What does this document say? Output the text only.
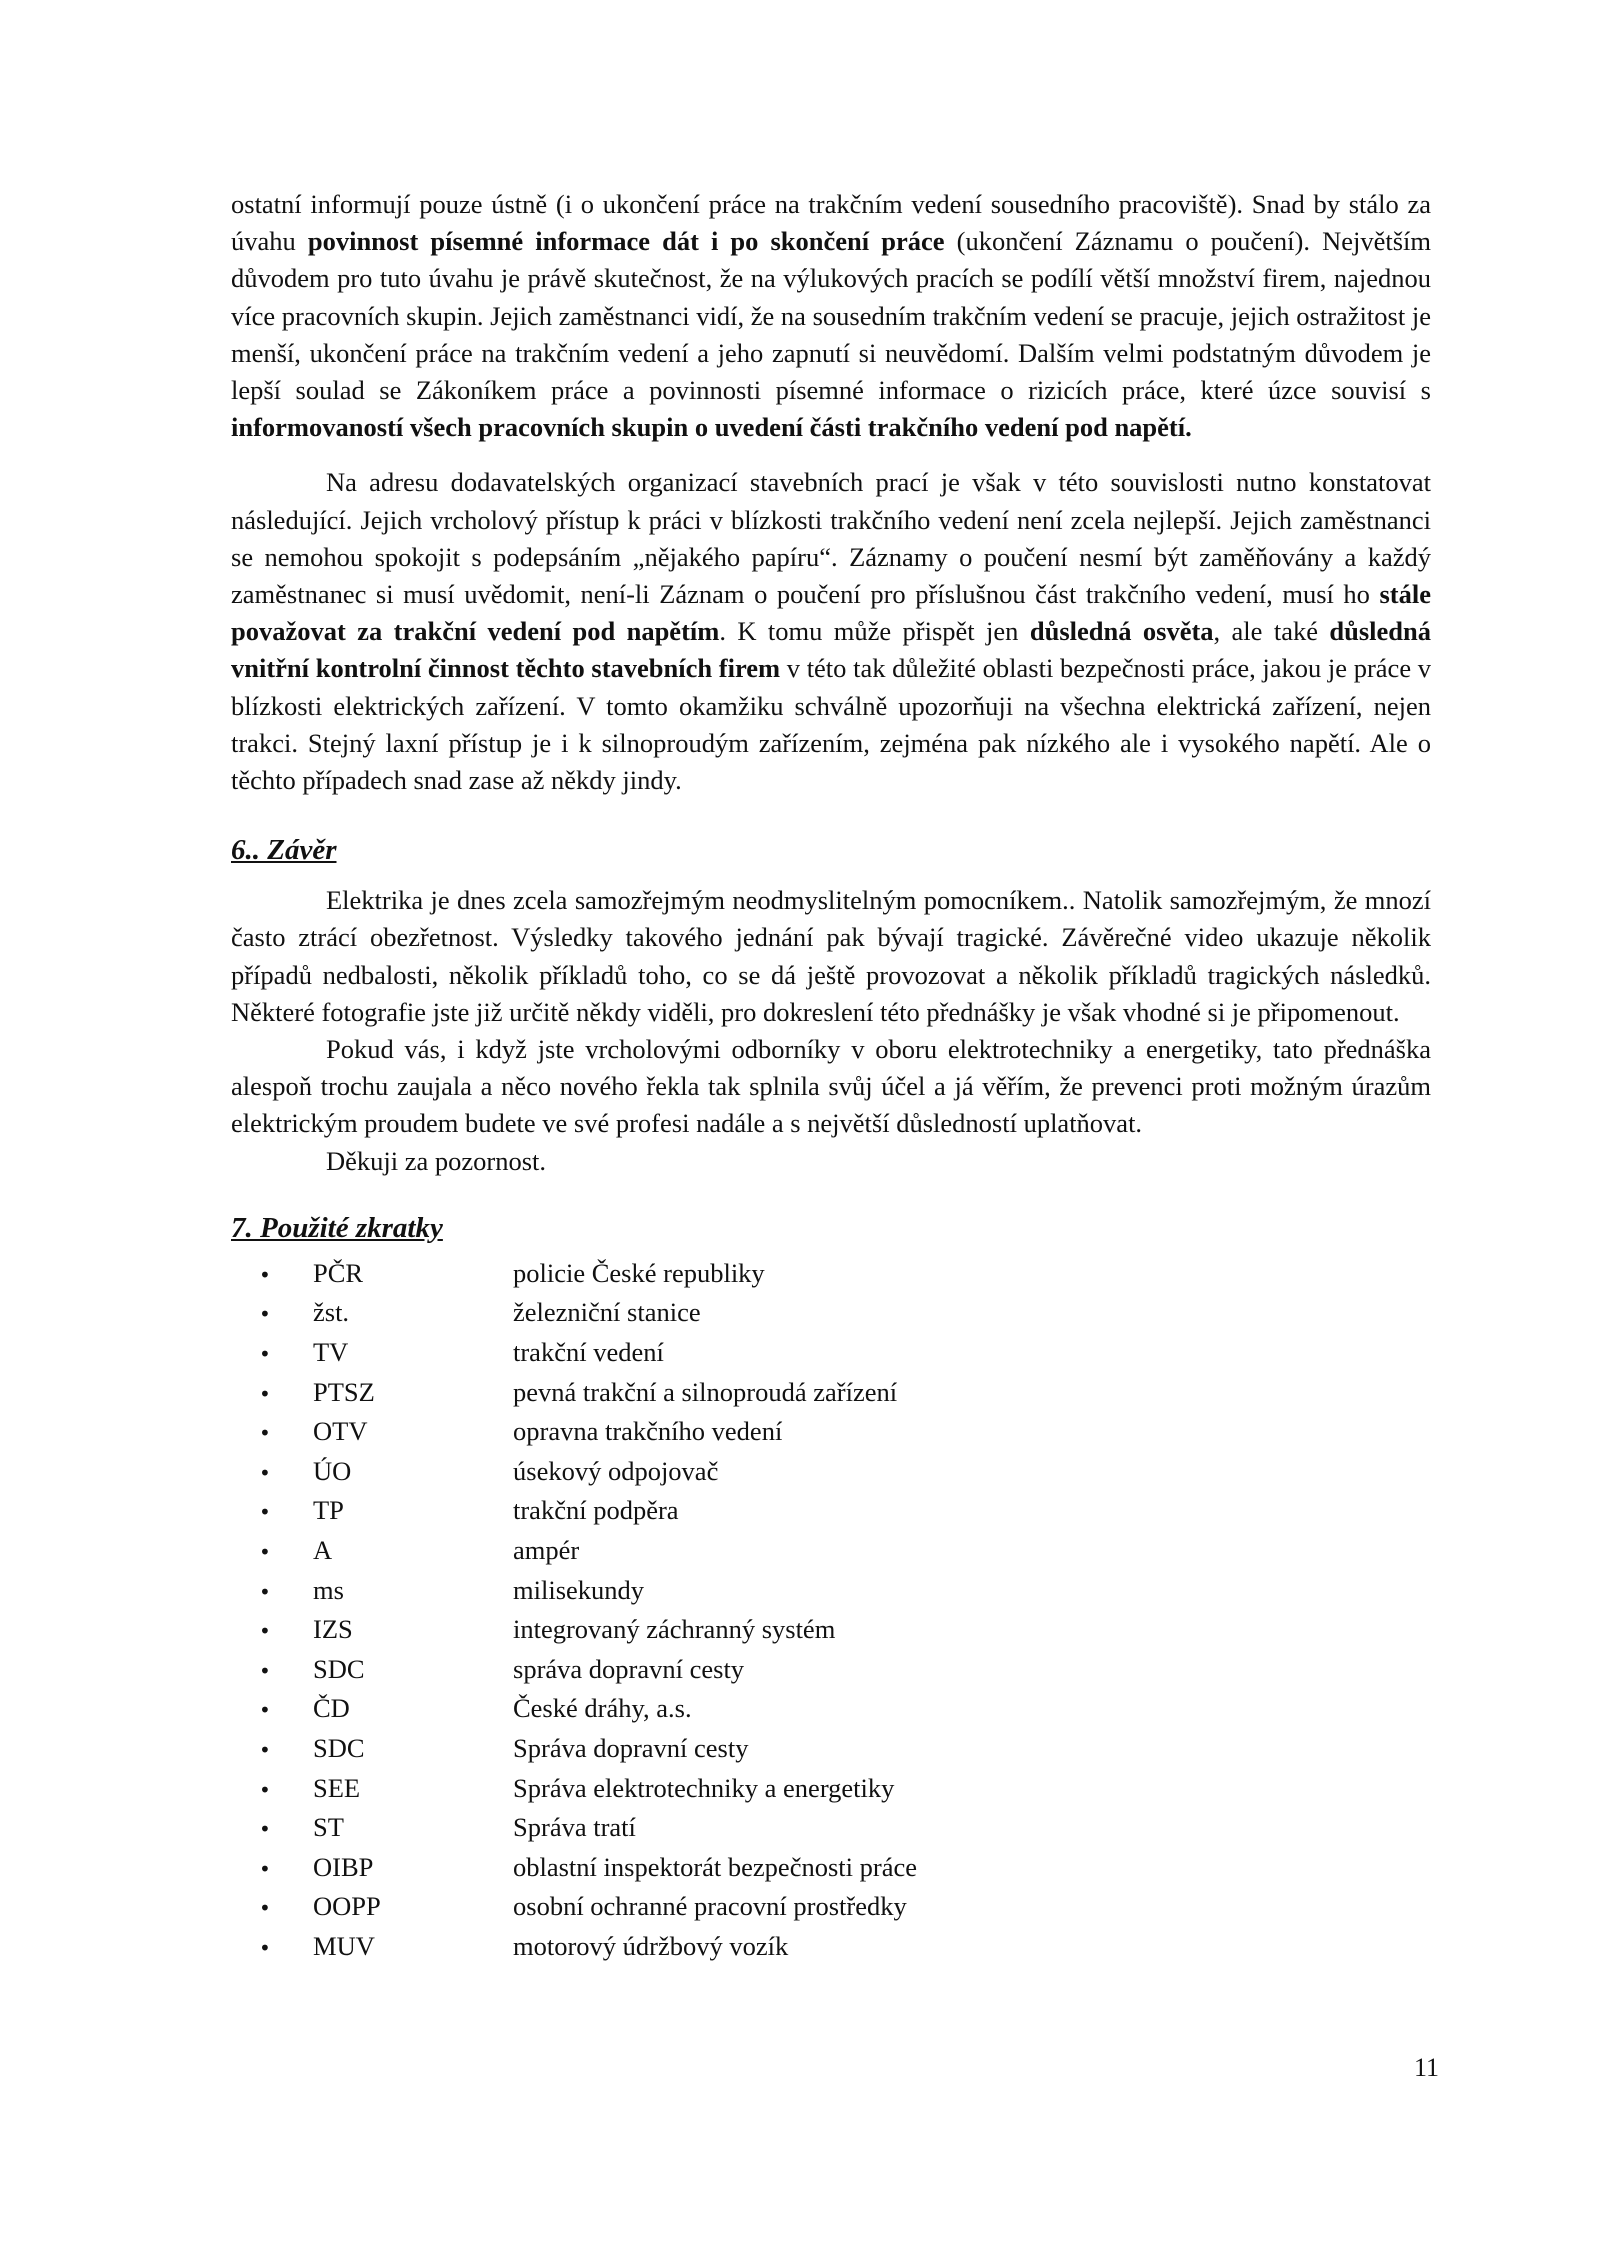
ostatní informují pouze ústně (i o ukončení práce na trakčním vedení sousedního pracoviště). Snad by stálo za úvahu povinnost písemné informace dát i po skončení práce (ukončení Záznamu o poučení). Největším důvodem pro tuto úvahu je právě skutečnost, že na výlukových pracích se podílí větší množství firem, najednou více pracovních skupin. Jejich zaměstnanci vidí, že na sousedním trakčním vedení se pracuje, jejich ostražitost je menší, ukončení práce na trakčním vedení a jeho zapnutí si neuvědomí. Dalším velmi podstatným důvodem je lepší soulad se Zákoníkem práce a povinnosti písemné informace o rizicích práce, které úzce souvisí s informovaností všech pracovních skupin o uvedení části trakčního vedení pod napětí.

Na adresu dodavatelských organizací stavebních prací je však v této souvislosti nutno konstatovat následující. Jejich vrcholový přístup k práci v blízkosti trakčního vedení není zcela nejlepší. Jejich zaměstnanci se nemohou spokojit s podepsáním „nějakého papíru“. Záznamy o poučení nesmí být zaměňovány a každý zaměstnanec si musí uvědomit, není-li Záznam o poučení pro příslušnou část trakčního vedení, musí ho stále považovat za trakční vedení pod napětím. K tomu může přispět jen důsledná osvěta, ale také důsledná vnitřní kontrolní činnost těchto stavebních firem v této tak důležité oblasti bezpečnosti práce, jakou je práce v blízkosti elektrických zařízení. V tomto okamžiku schválně upozorňuji na všechna elektrická zařízení, nejen trakci. Stejný laxní přístup je i k silnoproudým zařízením, zejména pak nízkého ale i vysokého napětí. Ale o těchto případech snad zase až někdy jindy.

6.. Závěr

Elektrika je dnes zcela samozřejmým neodmyslitelným pomocníkem.. Natolik samozřejmým, že mnozí často ztrácí obezřetnost. Výsledky takového jednání pak bývají tragické. Závěrečné video ukazuje několik případů nedbalosti, několik příkladů toho, co se dá ještě provozovat a několik příkladů tragických následků. Některé fotografie jste již určitě někdy viděli, pro dokreslení této přednášky je však vhodné si je připomenout.

Pokud vás, i když jste vrcholovými odborníky v oboru elektrotechniky a energetiky, tato přednáška alespoň trochu zaujala a něco nového řekla tak splnila svůj účel a já věřím, že prevenci proti možným úrazům elektrickým proudem budete ve své profesi nadále a s největší důsledností uplatňovat.

Děkuji za pozornost.

7. Použité zkratky
•	PČR	policie České republiky
•	žst.	železniční stanice
•	TV	trakční vedení
•	PTSZ	pevná trakční a silnoproudá zařízení
•	OTV	opravna trakčního vedení
•	ÚO	úsekový odpojovač
•	TP	trakční podpěra
•	A	ampér
•	ms	milisekundy
•	IZS	integrovaný záchranný systém
•	SDC	správa dopravní cesty
•	ČD	České dráhy, a.s.
•	SDC	Správa dopravní cesty
•	SEE	Správa elektrotechniky a energetiky
•	ST	Správa tratí
•	OIBP	oblastní inspektorát bezpečnosti práce
•	OOPP	osobní ochranné pracovní prostředky
•	MUV	motorový údržbový vozík
11
